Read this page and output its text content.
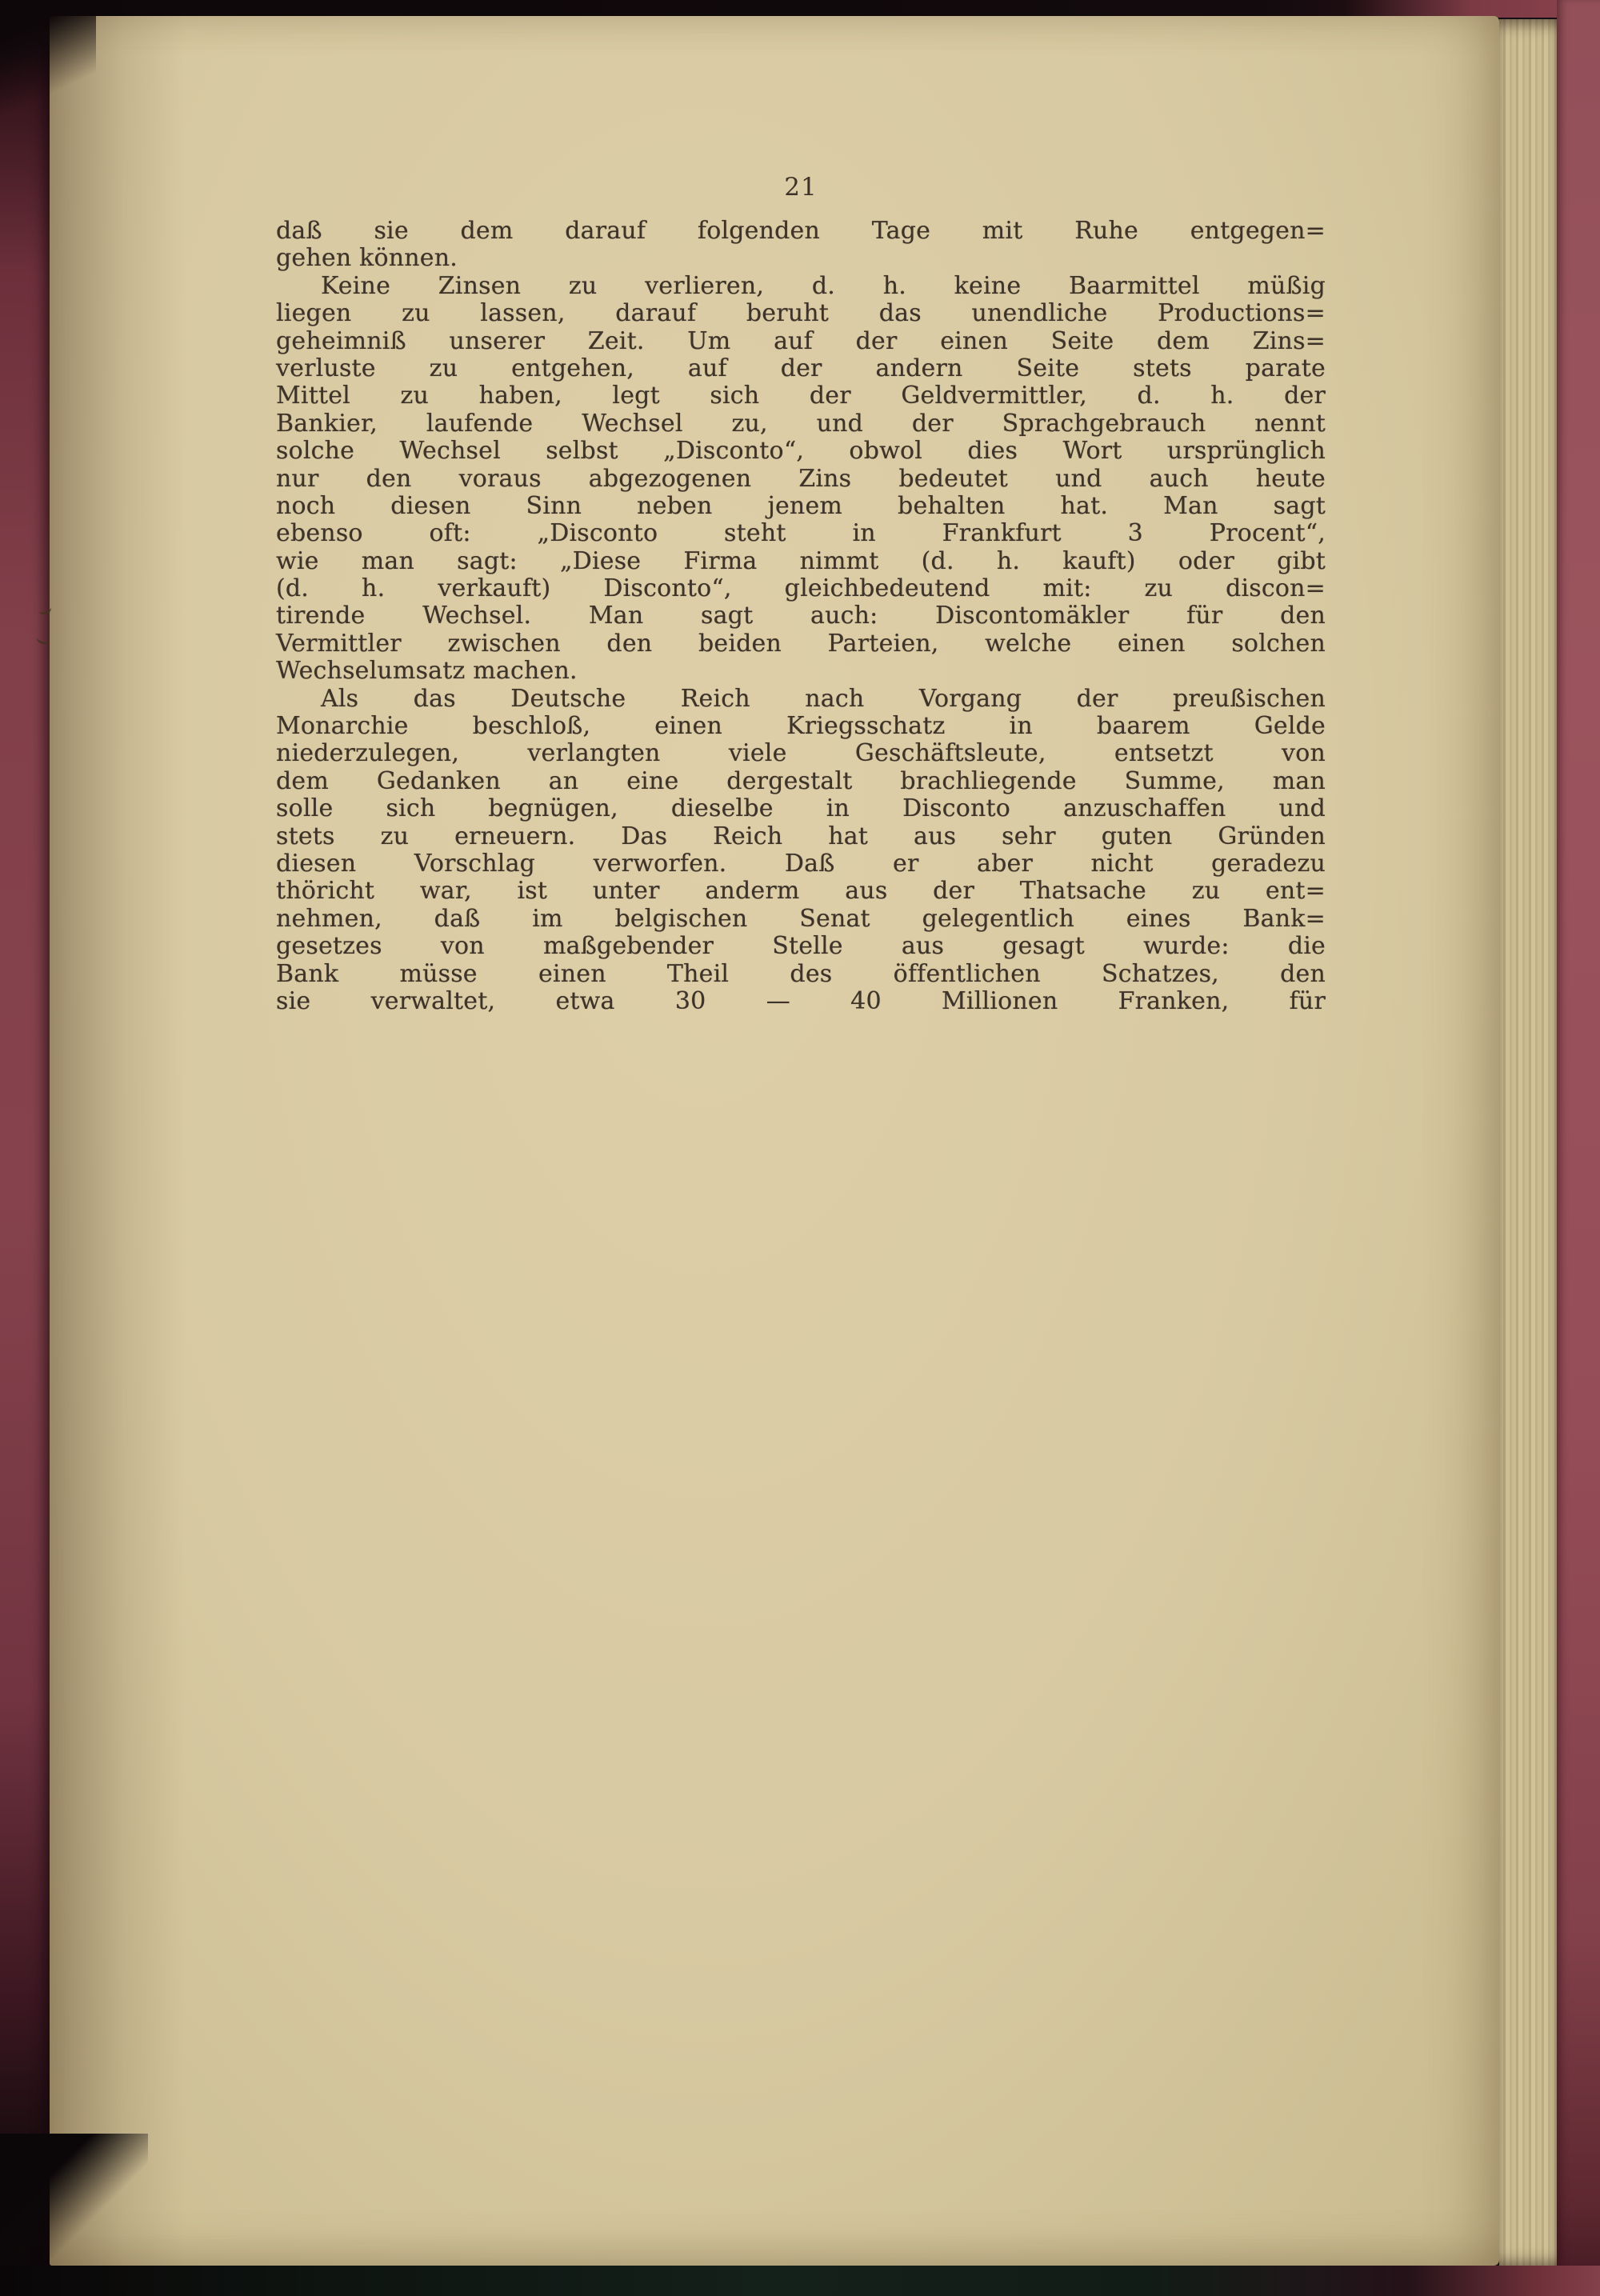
21
daß sie dem darauf folgenden Tage mit Ruhe entgegen=
gehen können.
Keine Zinsen zu verlieren, d. h. keine Baarmittel müßig
liegen zu lassen, darauf beruht das unendliche Productions=
geheimniß unserer Zeit. Um auf der einen Seite dem Zins=
verluste zu entgehen, auf der andern Seite stets parate
Mittel zu haben, legt sich der Geldvermittler, d. h. der
Bankier, laufende Wechsel zu, und der Sprachgebrauch nennt
solche Wechsel selbst „Disconto“, obwol dies Wort ursprünglich
nur den voraus abgezogenen Zins bedeutet und auch heute
noch diesen Sinn neben jenem behalten hat. Man sagt
ebenso oft: „Disconto steht in Frankfurt 3 Procent“,
wie man sagt: „Diese Firma nimmt (d. h. kauft) oder gibt
(d. h. verkauft) Disconto“, gleichbedeutend mit: zu discon=
tirende Wechsel. Man sagt auch: Discontomäkler für den
Vermittler zwischen den beiden Parteien, welche einen solchen
Wechselumsatz machen.
Als das Deutsche Reich nach Vorgang der preußischen
Monarchie beschloß, einen Kriegsschatz in baarem Gelde
niederzulegen, verlangten viele Geschäftsleute, entsetzt von
dem Gedanken an eine dergestalt brachliegende Summe, man
solle sich begnügen, dieselbe in Disconto anzuschaffen und
stets zu erneuern. Das Reich hat aus sehr guten Gründen
diesen Vorschlag verworfen. Daß er aber nicht geradezu
thöricht war, ist unter anderm aus der Thatsache zu ent=
nehmen, daß im belgischen Senat gelegentlich eines Bank=
gesetzes von maßgebender Stelle aus gesagt wurde: die
Bank müsse einen Theil des öffentlichen Schatzes, den
sie verwaltet, etwa 30 — 40 Millionen Franken, für
